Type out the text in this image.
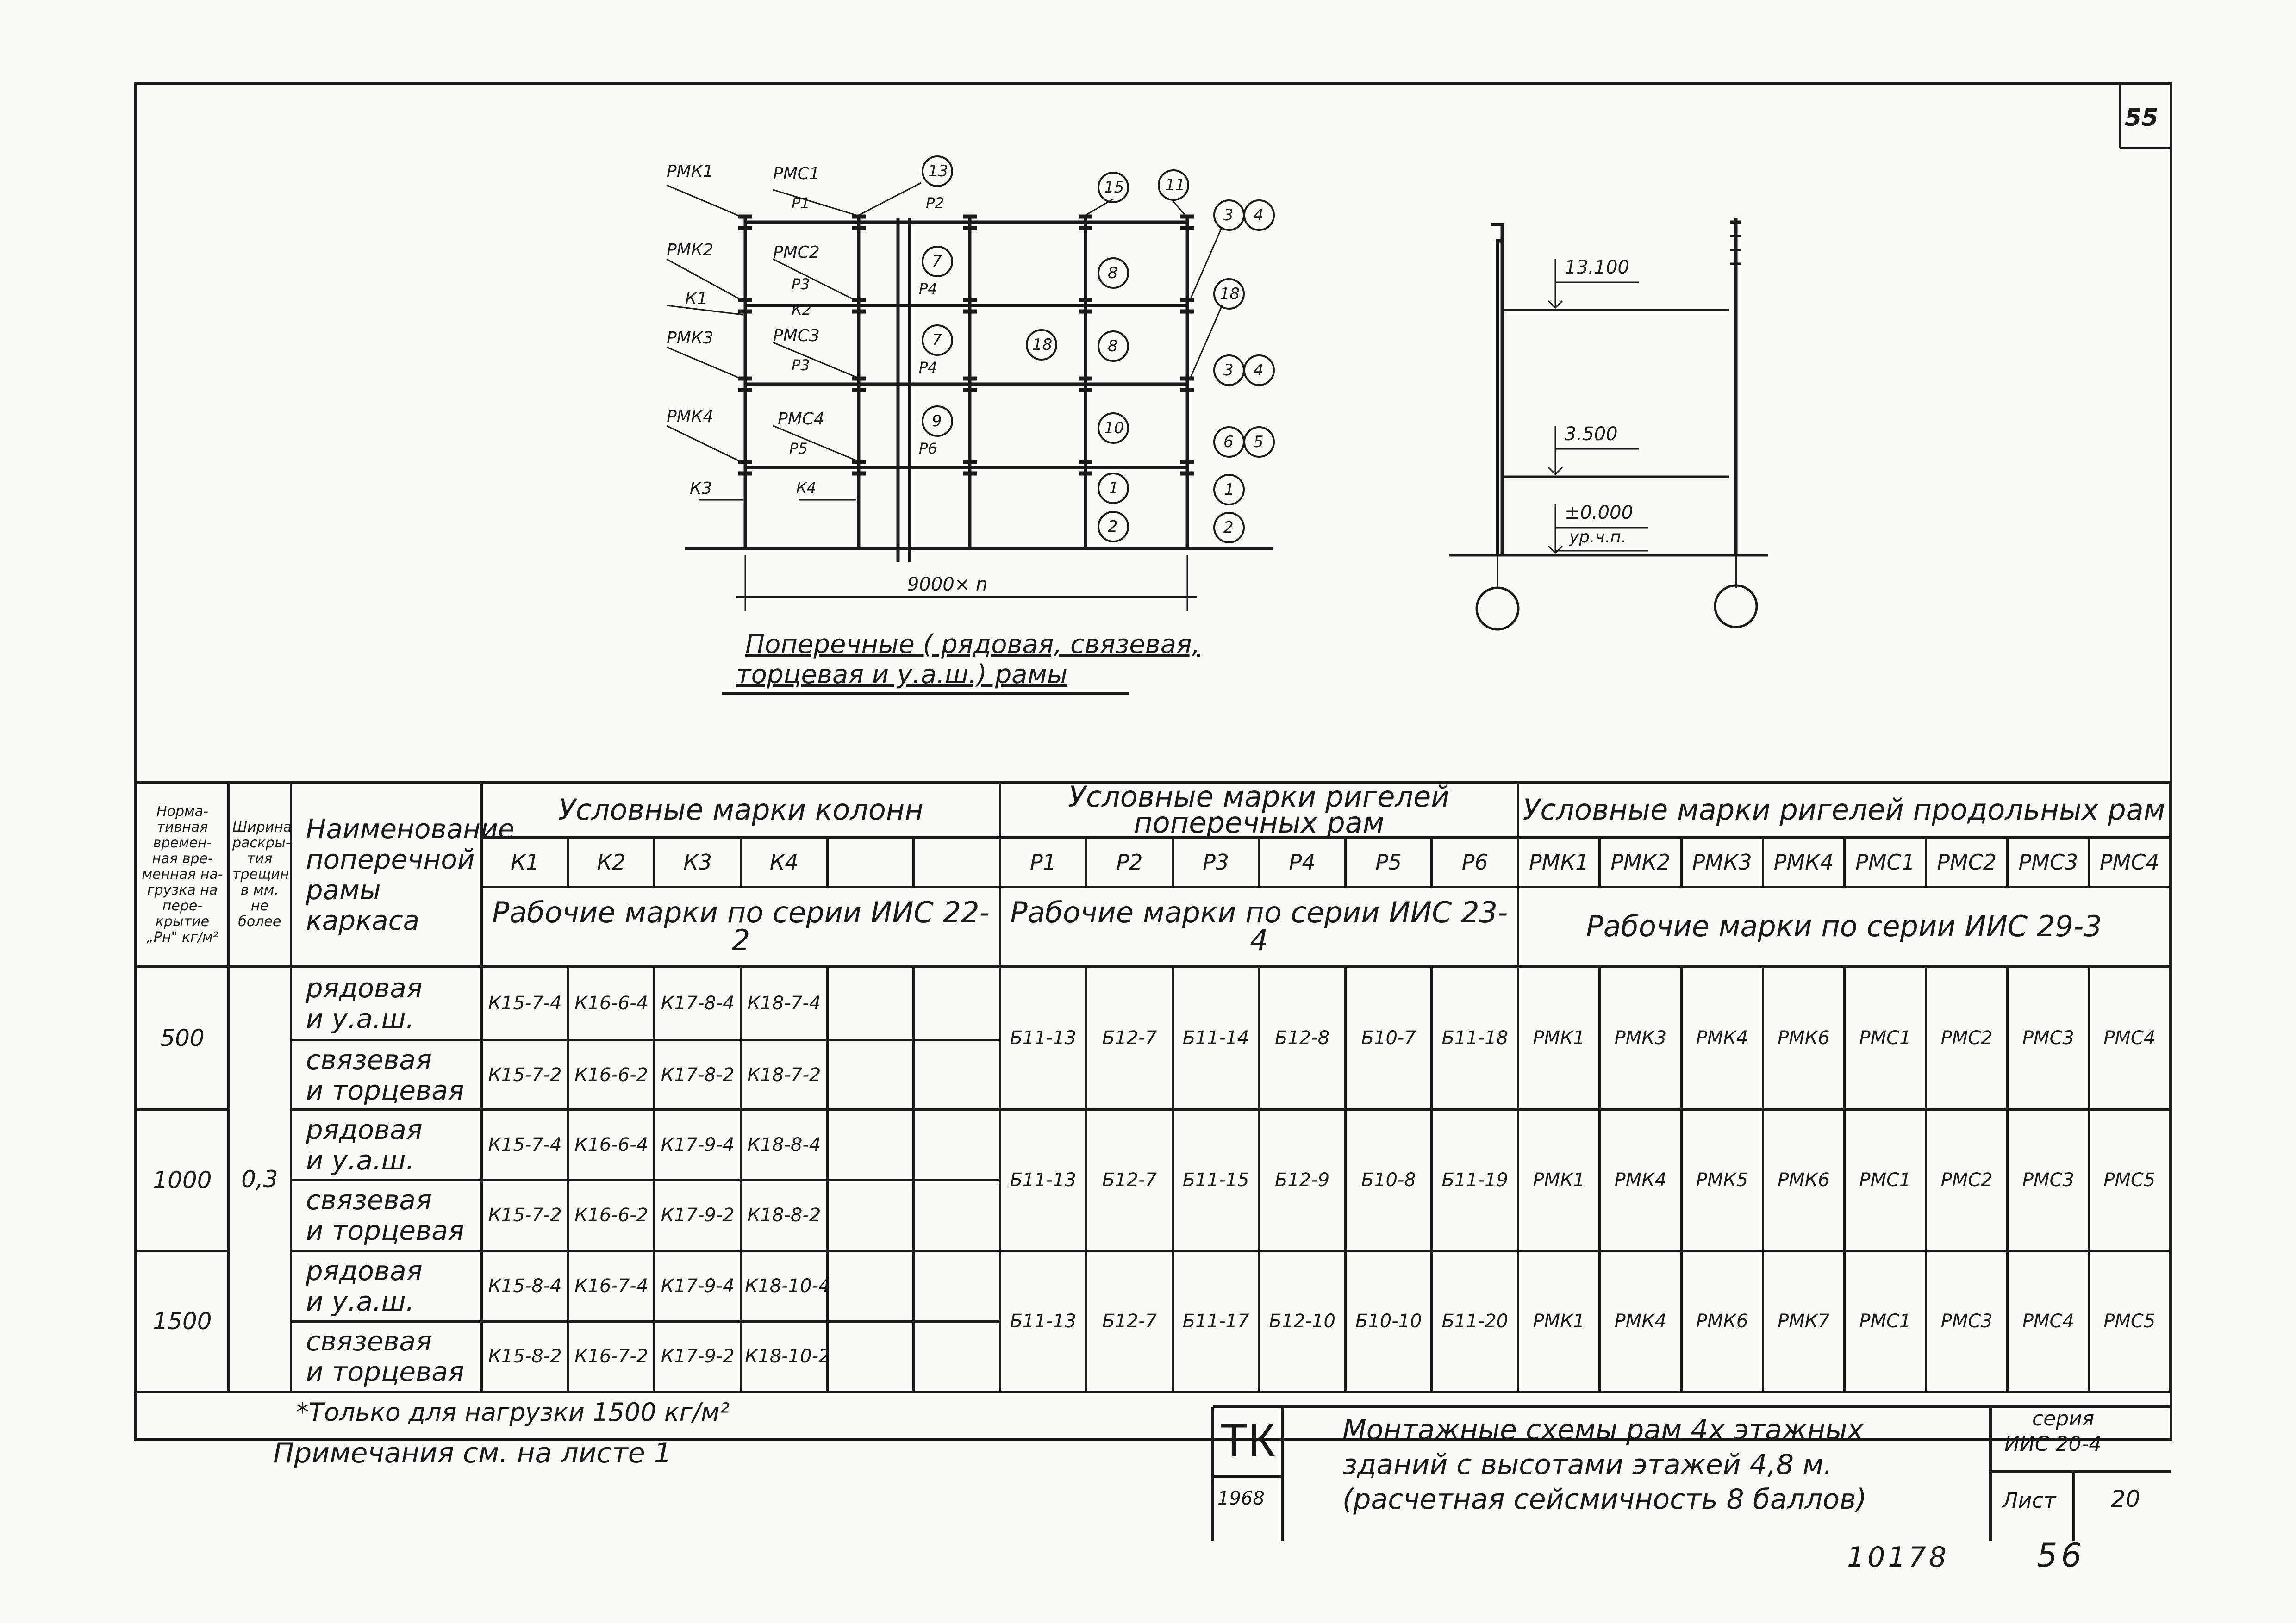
55
РМК1
РМК2
К1
РМК3
РМК4
К3
РМС1
Р1
РМС2
Р3
К2
РМС3
Р3
РМС4
Р5
К4
Р2
Р4
Р4
Р6
13
7
7
9
15
8
18	8
10
1
2
11
3 4
18
3 4
6 5
1
2
9000× n
Поперечные ( рядовая, связевая,
торцевая и у.а.ш.) рамы
13.100
3.500
±0.000
ур.ч.п.
Норма-тивная времен-ная вре-менная на-грузка на пере-крытие „Рн" кг/м²	Ширина раскры-тия трещин в мм, не более	Наименование поперечной рамы каркаса	Условные марки колонн						Условные марки ригелей поперечных рам						Условные марки ригелей продольных рам							
			К1	К2	К3	К4			Р1	Р2	Р3	Р4	Р5	Р6	РМК1	РМК2	РМК3	РМК4	РМС1	РМС2	РМС3	РМС4
			Рабочие марки по серии ИИС 22-2						Рабочие марки по серии ИИС 23-4						Рабочие марки по серии ИИС 29-3							
500	0,3	рядовая
и у.а.ш.	К15-7-4	К16-6-4	К17-8-4	К18-7-4			Б11-13	Б12-7	Б11-14	Б12-8	Б10-7	Б11-18	РМК1	РМК3	РМК4	РМК6	РМС1	РМС2	РМС3	РМС4
		связевая
и торцевая	К15-7-2	К16-6-2	К17-8-2	К18-7-2																
1000		рядовая
и у.а.ш.	К15-7-4	К16-6-4	К17-9-4	К18-8-4			Б11-13	Б12-7	Б11-15	Б12-9	Б10-8	Б11-19	РМК1	РМК4	РМК5	РМК6	РМС1	РМС2	РМС3	РМС5
		связевая
и торцевая	К15-7-2	К16-6-2	К17-9-2	К18-8-2																
1500		рядовая
и у.а.ш.	К15-8-4	К16-7-4	К17-9-4	К18-10-4			Б11-13	Б12-7	Б11-17	Б12-10	Б10-10	Б11-20	РМК1	РМК4	РМК6	РМК7	РМС1	РМС3	РМС4	РМС5
		связевая
и торцевая	К15-8-2	К16-7-2	К17-9-2	К18-10-2																
*Только для нагрузки 1500 кг/м²
Примечания см. на листе 1	ТК
1968
Монтажные схемы рам 4х этажных
зданий с высотами этажей 4,8 м.
(расчетная сейсмичность 8 баллов)
серия
ИИС 20-4
Лист 20
10178	56
